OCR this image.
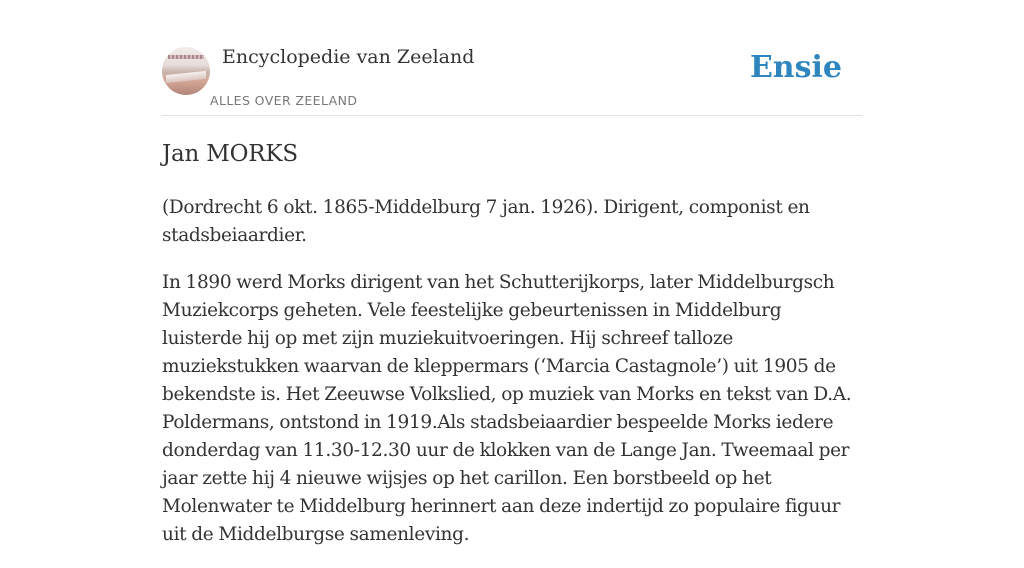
Encyclopedie van Zeeland
ALLES OVER ZEELAND
Ensie
Jan MORKS

(Dordrecht 6 okt. 1865-Middelburg 7 jan. 1926). Dirigent, componist en stadsbeiaardier.

In 1890 werd Morks dirigent van het Schutterijkorps, later Middelburgsch Muziekcorps geheten. Vele feestelijke gebeurtenissen in Middelburg luisterde hij op met zijn muziekuitvoeringen. Hij schreef talloze muziekstukken waarvan de kleppermars (‘Marcia Castagnole’) uit 1905 de bekendste is. Het Zeeuwse Volkslied, op muziek van Morks en tekst van D.A. Poldermans, ontstond in 1919.Als stadsbeiaardier bespeelde Morks iedere donderdag van 11.30-12.30 uur de klokken van de Lange Jan. Tweemaal per jaar zette hij 4 nieuwe wijsjes op het carillon. Een borstbeeld op het Molenwater te Middelburg herinnert aan deze indertijd zo populaire figuur uit de Middelburgse samenleving.
